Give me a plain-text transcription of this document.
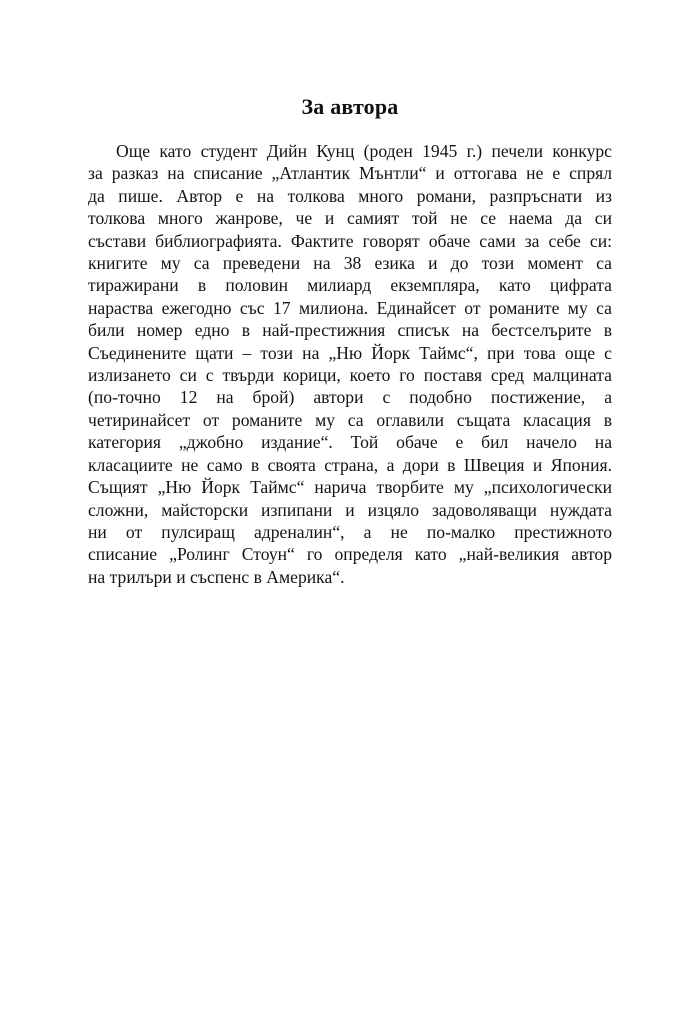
За автора
Още като студент Дийн Кунц (роден 1945 г.) печели конкурс
за разказ на списание „Атлантик Мънтли“ и оттогава не е спрял
да пише. Автор е на толкова много романи, разпръснати из
толкова много жанрове, че и самият той не се наема да си
състави библиографията. Фактите говорят обаче сами за себе си:
книгите му са преведени на 38 езика и до този момент са
тиражирани в половин милиард екземпляра, като цифрата
нараства ежегодно със 17 милиона. Единайсет от романите му са
били номер едно в най-престижния списък на бестселърите в
Съединените щати – този на „Ню Йорк Таймс“, при това още с
излизането си с твърди корици, което го поставя сред малцината
(по-точно 12 на брой) автори с подобно постижение, а
четиринайсет от романите му са оглавили същата класация в
категория „джобно издание“. Той обаче е бил начело на
класациите не само в своята страна, а дори в Швеция и Япония.
Същият „Ню Йорк Таймс“ нарича творбите му „психологически
сложни, майсторски изпипани и изцяло задоволяващи нуждата
ни от пулсиращ адреналин“, а не по-малко престижното
списание „Ролинг Стоун“ го определя като „най-великия автор
на трилъри и съспенс в Америка“.
